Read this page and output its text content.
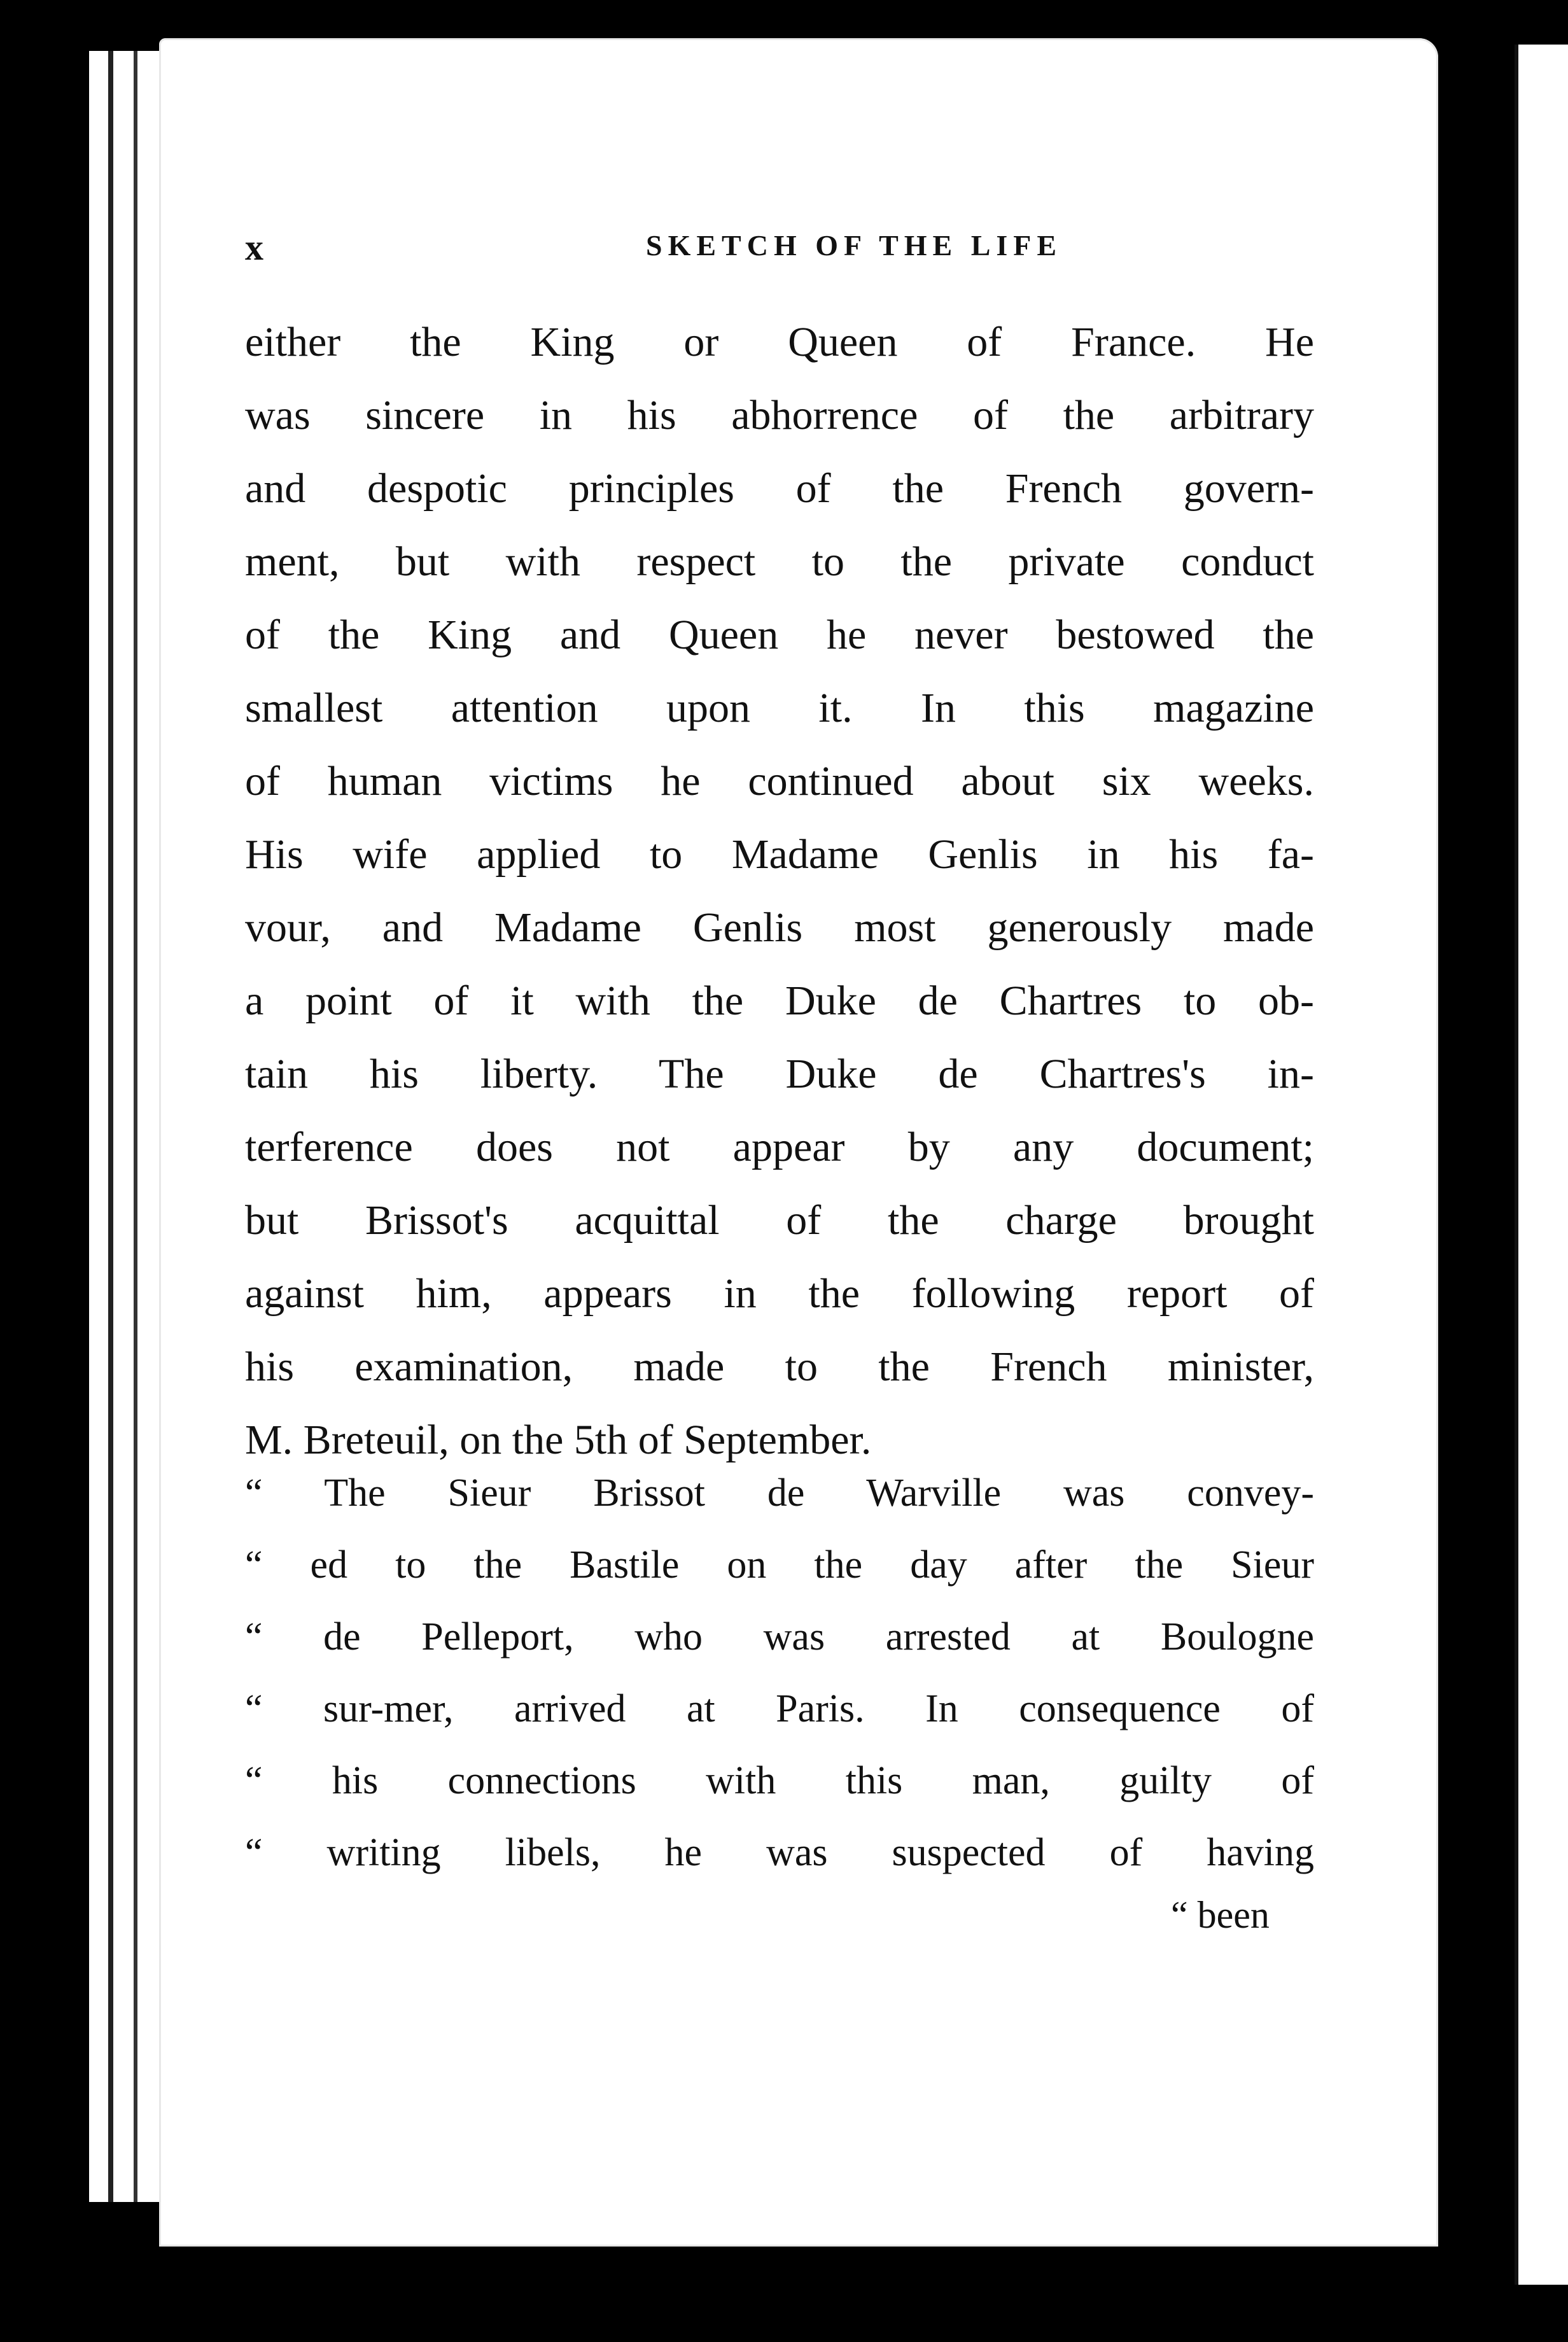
x	SKETCH OF THE LIFE
either the King or Queen of France. He
was sincere in his abhorrence of the arbitrary
and despotic principles of the French govern-
ment, but with respect to the private conduct
of the King and Queen he never bestowed the
smallest attention upon it. In this magazine
of human victims he continued about six weeks.
His wife applied to Madame Genlis in his fa-
vour, and Madame Genlis most generously made
a point of it with the Duke de Chartres to ob-
tain his liberty. The Duke de Chartres's in-
terference does not appear by any document;
but Brissot's acquittal of the charge brought
against him, appears in the following report of
his examination, made to the French minister,
M. Breteuil, on the 5th of September.
“ The Sieur Brissot de Warville was convey-
“ ed to the Bastile on the day after the Sieur
“ de Pelleport, who was arrested at Boulogne
“ sur-mer, arrived at Paris. In consequence of
“ his connections with this man, guilty of
“ writing libels, he was suspected of having
“ been
